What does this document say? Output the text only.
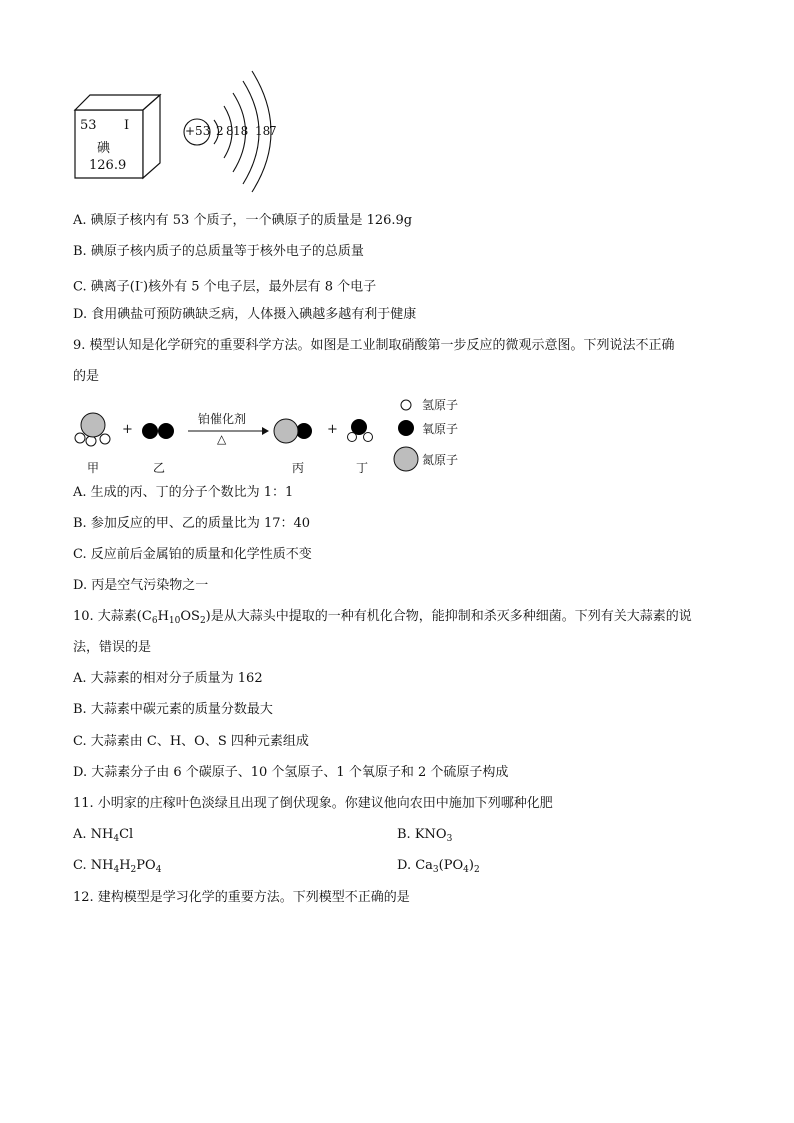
53 I
碘
126.9
+53 2 8 18 18
7
A. 碘原子核内有 53 个质子，一个碘原子的质量是 126.9g
B. 碘原子核内质子的总质量等于核外电子的总质量
C. 碘离子(I-)核外有 5 个电子层，最外层有 8 个电子
D. 食用碘盐可预防碘缺乏病，人体摄入碘越多越有利于健康
9. 模型认知是化学研究的重要科学方法。如图是工业制取硝酸第一步反应的微观示意图。下列说法不正确
的是
+	+
铂催化剂
△
甲	乙	丙	丁
氢原子
氧原子
氮原子
A. 生成的丙、丁的分子个数比为 1：1
B. 参加反应的甲、乙的质量比为 17：40
C. 反应前后金属铂的质量和化学性质不变
D. 丙是空气污染物之一
10. 大蒜素$(C_6H_{10}OS_2)$是从大蒜头中提取的一种有机化合物，能抑制和杀灭多种细菌。下列有关大蒜素的说
法，错误的是
A. 大蒜素的相对分子质量为 162
B. 大蒜素中碳元素的质量分数最大
C. 大蒜素由 C、H、O、S 四种元素组成
D. 大蒜素分子由 6 个碳原子、10 个氢原子、1 个氧原子和 2 个硫原子构成
11. 小明家的庄稼叶色淡绿且出现了倒伏现象。你建议他向农田中施加下列哪种化肥
A. $NH_4Cl$	B. $KNO_3$
C. $NH_4H_2PO_4$	D. $Ca_3(PO_4)_2$
12. 建构模型是学习化学的重要方法。下列模型不正确的是
